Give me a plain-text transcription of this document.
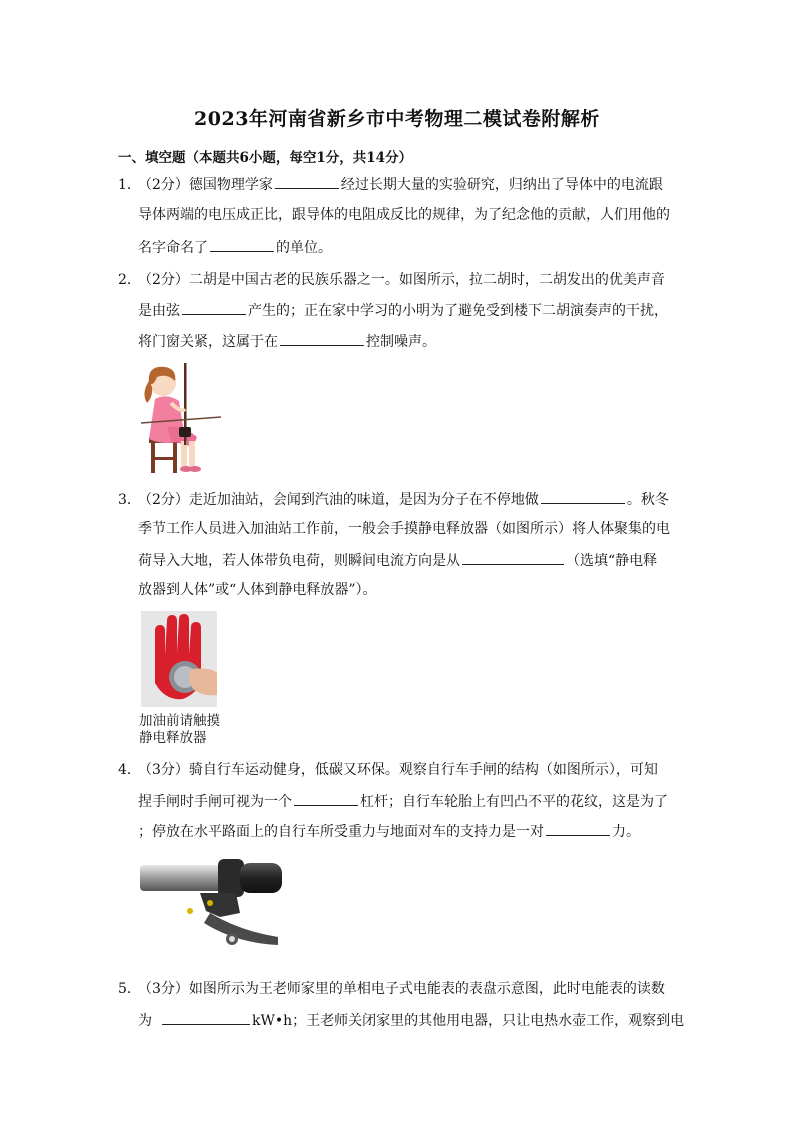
2023年河南省新乡市中考物理二模试卷附解析
一、填空题（本题共6小题，每空1分，共14分）
1．（2分）德国物理学家	经过长期大量的实验研究，归纳出了导体中的电流跟
导体两端的电压成正比，跟导体的电阻成反比的规律，为了纪念他的贡献，人们用他的
名字命名了	的单位。
2．（2分）二胡是中国古老的民族乐器之一。如图所示，拉二胡时，二胡发出的优美声音
是由弦	产生的；正在家中学习的小明为了避免受到楼下二胡演奏声的干扰，
将门窗关紧，这属于在	控制噪声。
3．（2分）走近加油站，会闻到汽油的味道，是因为分子在不停地做	。秋冬
季节工作人员进入加油站工作前，一般会手摸静电释放器（如图所示）将人体聚集的电
荷导入大地，若人体带负电荷，则瞬间电流方向是从	（选填“静电释
放器到人体”或“人体到静电释放器”）。
加油前请触摸
静电释放器
4．（3分）骑自行车运动健身，低碳又环保。观察自行车手闸的结构（如图所示），可知
捏手闸时手闸可视为一个	杠杆；自行车轮胎上有凹凸不平的花纹，这是为了
；停放在水平路面上的自行车所受重力与地面对车的支持力是一对	力。
5．（3分）如图所示为王老师家里的单相电子式电能表的表盘示意图，此时电能表的读数
为	kW•h；王老师关闭家里的其他用电器，只让电热水壶工作，观察到电
